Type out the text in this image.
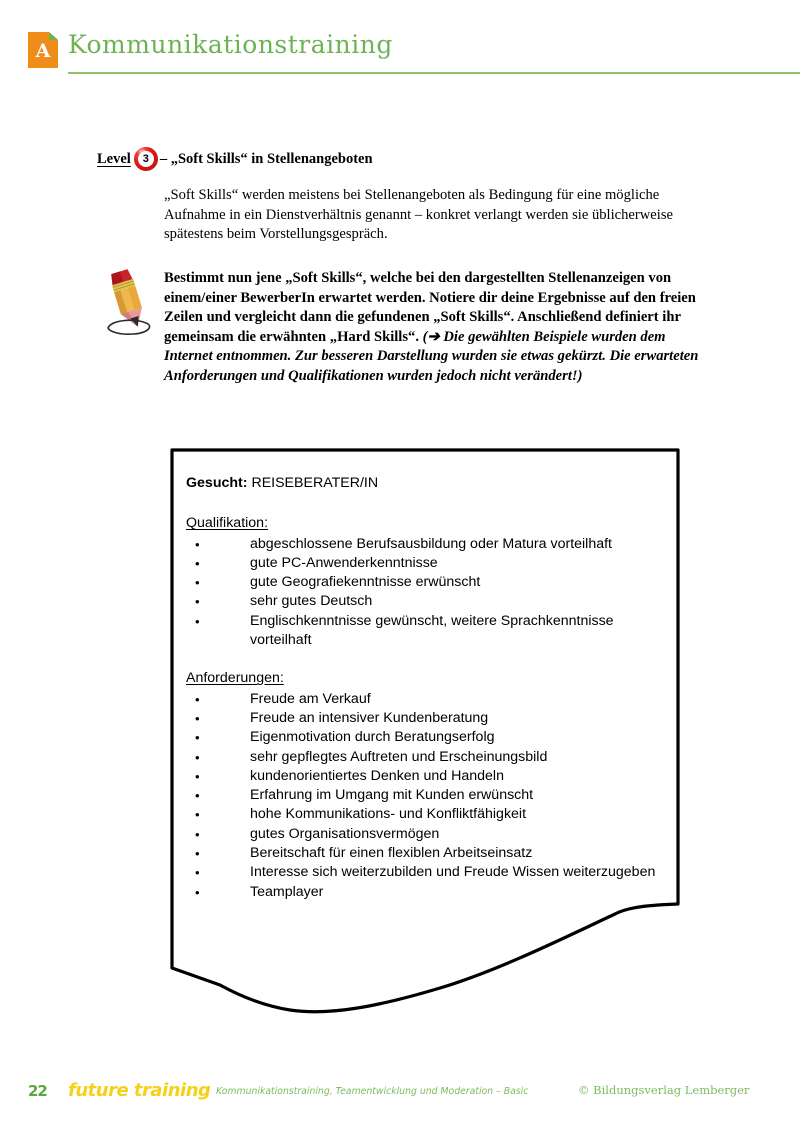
A Kommunikationstraining
Level	3 – „Soft Skills“ in Stellenangeboten
„Soft Skills“ werden meistens bei Stellenangeboten als Bedingung für eine mögliche Aufnahme in ein Dienstverhältnis genannt – konkret verlangt werden sie üblicherweise spätestens beim Vorstellungsgespräch.
Bestimmt nun jene „Soft Skills“, welche bei den dargestellten Stellenanzeigen von einem/einer BewerberIn erwartet werden. Notiere dir deine Ergebnisse auf den freien Zeilen und vergleicht dann die gefundenen „Soft Skills“. Anschließend definiert ihr gemeinsam die erwähnten „Hard Skills“. (➔ Die gewählten Beispiele wurden dem Internet entnommen. Zur besseren Darstellung wurden sie etwas gekürzt. Die erwarteten Anforderungen und Qualifikationen wurden jedoch nicht verändert!)

Gesucht: REISEBERATER/IN

Qualifikation:

• abgeschlossene Berufsausbildung oder Matura vorteilhaft
• gute PC-Anwenderkenntnisse
• gute Geografiekenntnisse erwünscht
• sehr gutes Deutsch
• Englischkenntnisse gewünscht, weitere Sprachkenntnisse vorteilhaft

Anforderungen:

• Freude am Verkauf
• Freude an intensiver Kundenberatung
• Eigenmotivation durch Beratungserfolg
• sehr gepflegtes Auftreten und Erscheinungsbild
• kundenorientiertes Denken und Handeln
• Erfahrung im Umgang mit Kunden erwünscht
• hohe Kommunikations- und Konfliktfähigkeit
• gutes Organisationsvermögen
• Bereitschaft für einen flexiblen Arbeitseinsatz
• Interesse sich weiterzubilden und Freude Wissen weiterzugeben
• Teamplayer
22 future training Kommunikationstraining, Teamentwicklung und Moderation – Basic	© Bildungsverlag Lemberger
